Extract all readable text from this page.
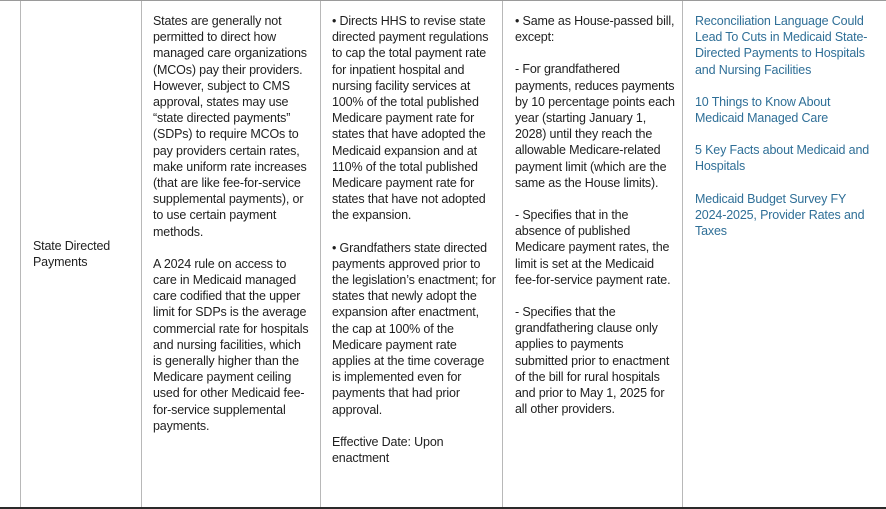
State Directed Payments

States are generally not permitted to direct how managed care organizations (MCOs) pay their providers. However, subject to CMS approval, states may use “state directed payments” (SDPs) to require MCOs to pay providers certain rates, make uniform rate increases (that are like fee-for-service supplemental payments), or to use certain payment methods.

A 2024 rule on access to care in Medicaid managed care codified that the upper limit for SDPs is the average commercial rate for hospitals and nursing facilities, which is generally higher than the Medicare payment ceiling used for other Medicaid fee-for-service supplemental payments.

• Directs HHS to revise state directed payment regulations to cap the total payment rate for inpatient hospital and nursing facility services at 100% of the total published Medicare payment rate for states that have adopted the Medicaid expansion and at 110% of the total published Medicare payment rate for states that have not adopted the expansion.

• Grandfathers state directed payments approved prior to the legislation’s enactment; for states that newly adopt the expansion after enactment, the cap at 100% of the Medicare payment rate applies at the time coverage is implemented even for payments that had prior approval.

Effective Date: Upon enactment

• Same as House-passed bill, except:

- For grandfathered payments, reduces payments by 10 percentage points each year (starting January 1, 2028) until they reach the allowable Medicare-related payment limit (which are the same as the House limits).

- Specifies that in the absence of published Medicare payment rates, the limit is set at the Medicaid fee-for-service payment rate.

- Specifies that the grandfathering clause only applies to payments submitted prior to enactment of the bill for rural hospitals and prior to May 1, 2025 for all other providers.

Reconciliation Language Could Lead To Cuts in Medicaid State-Directed Payments to Hospitals and Nursing Facilities
10 Things to Know About Medicaid Managed Care
5 Key Facts about Medicaid and Hospitals
Medicaid Budget Survey FY 2024-2025, Provider Rates and Taxes
